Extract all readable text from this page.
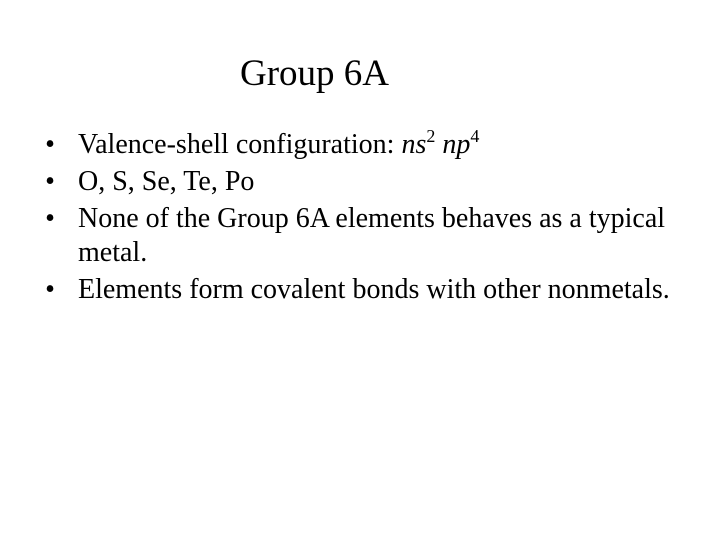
Group 6A
• Valence-shell configuration: $ns^2$ $np^4$
• O, S, Se, Te, Po
• None of the Group 6A elements behaves as a typical metal.
• Elements form covalent bonds with other nonmetals.
